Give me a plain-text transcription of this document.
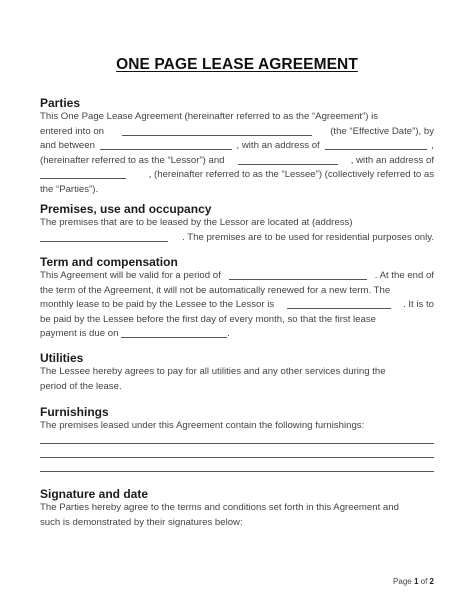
ONE PAGE LEASE AGREEMENT
Parties
This One Page Lease Agreement (hereinafter referred to as the “Agreement”) is
entered into on	(the “Effective Date”), by
and between	, with an address of	,
(hereinafter referred to as the “Lessor”) and	, with an address of
, (hereinafter referred to as the “Lessee”) (collectively referred to as
the “Parties”).
Premises, use and occupancy
The premises that are to be leased by the Lessor are located at (address)
. The premises are to be used for residential purposes only.
Term and compensation
This Agreement will be valid for a period of	. At the end of
the term of the Agreement, it will not be automatically renewed for a new term. The
monthly lease to be paid by the Lessee to the Lessor is	. It is to
be paid by the Lessee before the first day of every month, so that the first lease
payment is due on
	.
Utilities
The Lessee hereby agrees to pay for all utilities and any other services during the
period of the lease.
Furnishings
The premises leased under this Agreement contain the following furnishings:
Signature and date
The Parties hereby agree to the terms and conditions set forth in this Agreement and
such is demonstrated by their signatures below:
Page 1 of 2
